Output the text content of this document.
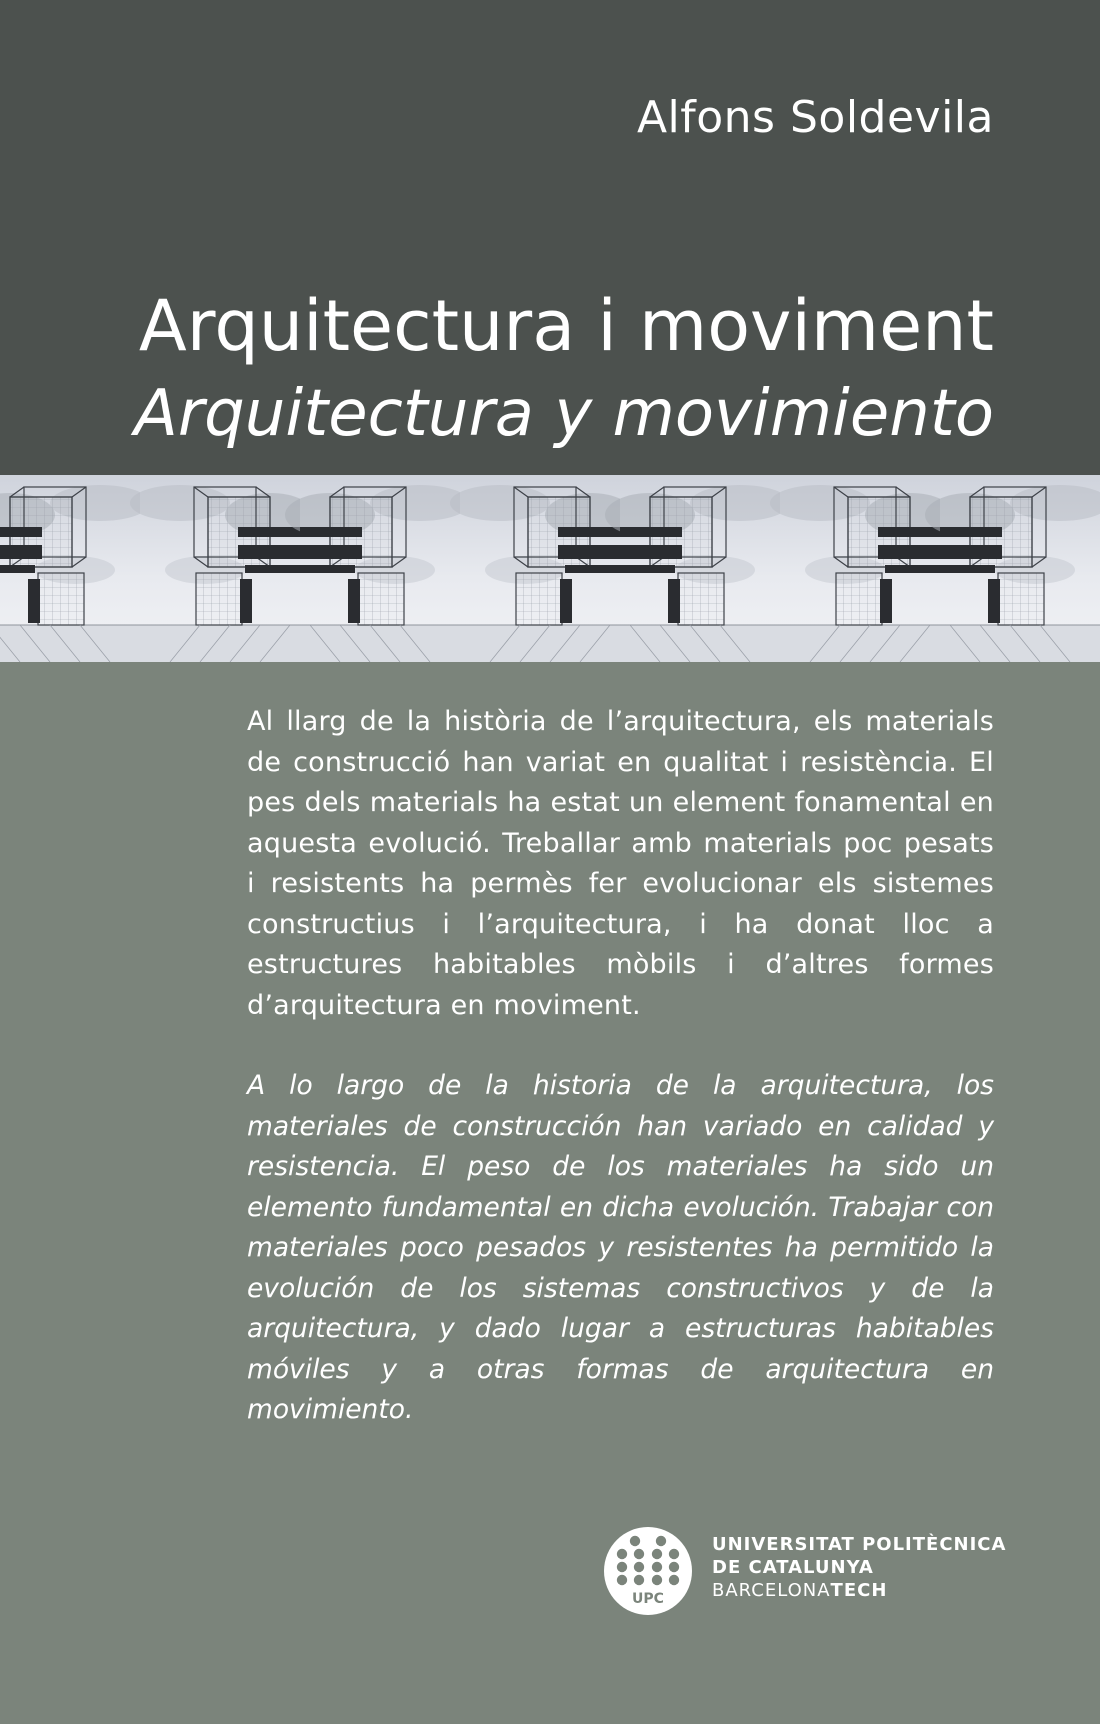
Alfons Soldevila
Arquitectura i moviment
Arquitectura y movimiento

Al llarg de la història de l’arquitectura, els materials de construcció han variat en qualitat i resistència. El pes dels materials ha estat un element fonamental en aquesta evolució. Treballar amb materials poc pesats i resistents ha permès fer evolucionar els sistemes constructius i l’arquitectura, i ha donat lloc a estructures habitables mòbils i d’altres formes d’arquitectura en moviment.

A lo largo de la historia de la arquitectura, los materiales de construcción han variado en calidad y resistencia. El peso de los materiales ha sido un elemento fundamental en dicha evolución. Trabajar con materiales poco pesados y resistentes ha permitido la evolución de los sistemas constructivos y de la arquitectura, y dado lugar a estructuras habitables móviles y a otras formas de arquitectura en movimiento.

UPC
UNIVERSITAT POLITÈCNICA
DE CATALUNYA
BARCELONATECH
